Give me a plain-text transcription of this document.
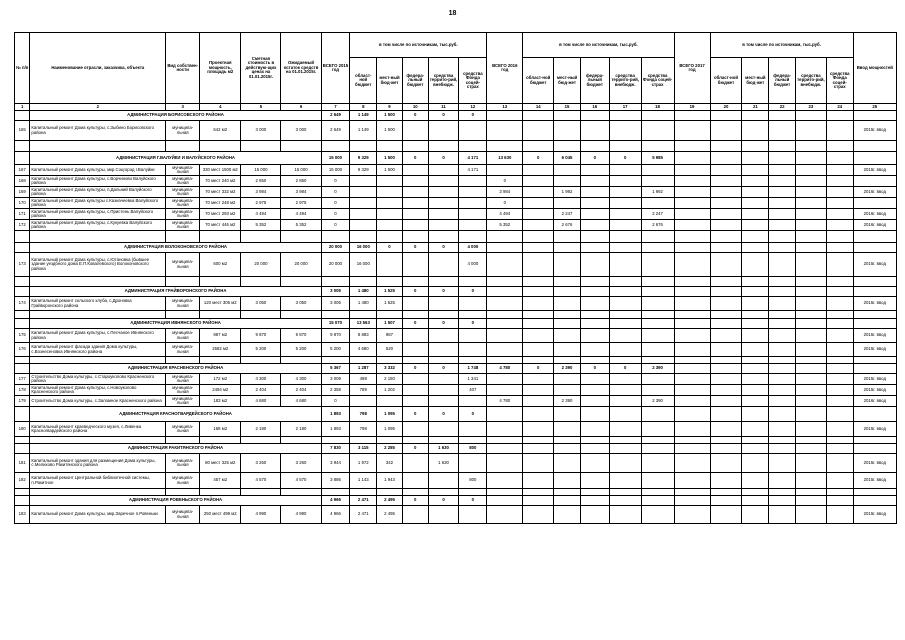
18
№ п/п	Наименование отрасли, заказчика, объекта	Вид собствен-ности	Проектная мощность, площадь м2	Сметная стоимость в действую-щих ценах на 01.01.2015г.	Ожидаемый остаток средств на 01.01.2015г.	ВСЕГО 2015 год	в том числе по источникам, тыс.руб.					ВСЕГО 2016 год	в том числе по источникам, тыс.руб.					ВСЕГО 2017 год	в том числе по источникам, тыс.руб.					Ввод мощностей
							област-ной бюджет	мест-ный бюд-жет	федера-льный бюджет	средства террито-рий, внебюдж.	средства Фонда соцей-страх		област-ной бюджет	мест-ный бюд-жет	федера-льный бюджет	средства террито-рий, внебюдж.	средства Фонда соцей-страх		област-ной бюджет	мест-ный бюд-жет	федера-льный бюджет	средства террито-рий, внебюдж.	средства Фонда соцей-страх	
1	2	3	4	5	6	7	8	9	10	11	12	13	14	15	16	17	18	19	20	21	22	23	24	25
	АДМИНИСТРАЦИЯ БОРИСОВСКОГО РАЙОНА					2 649	1 149	1 500	0	0	0													
165	Капитальный ремонт Дома культуры, с.Зыбино Борисовского района	муниципа-льная	642 м2	3 000	3 000	2 649	1 149	1 500																2015г. ввод

	АДМИНИСТРАЦИЯ Г.ВАЛУЙКИ И ВАЛУЙСКОГО РАЙОНА					15 000	9 329	1 500	0	0	4 171	13 630	0	6 045	0	0	5 985							
167	Капитальный ремонт Дома культуры, мкр.Соцгород г.Валуйки	муниципа-льная	330 мест 1500 м2	15 000	15 000	15 000	9 329	1 500			4 171													2015г. ввод
168	Капитальный ремонт Дома культуры, с.Ворчиново Валуйского района	муниципа-льная	70 мест 240 м2	2 850	2 850	0						0												
169	Капитальный ремонт Дома культуры, п.Дальний Валуйского района	муниципа-льная	70 мест 332 м2	3 984	3 984	0						3 984		1 992			1 992							2016г. ввод
170	Капитальный ремонт Дома культуры с.Казначеевка Валуйского района	муниципа-льная	70 мест 248 м2	2 975	2 975	0						0												
171	Капитальный ремонт Дома культуры, с.Пристень Валуйского района	муниципа-льная	70 мест 293 м2	4 494	4 494	0						4 494		2 247			2 247							2016г. ввод
172	Капитальный ремонт Дома культуры, с.Кукуевка Валуйского района	муниципа-льная	70 мест 446 м2	5 352	5 352	0						5 352		2 676			2 676							2016г. ввод

	АДМИНИСТРАЦИЯ ВОЛОКОНОВСКОГО РАЙОНА					20 000	16 000	0	0	0	4 000													
173	Капитальный ремонт Дома культуры, с.Ютановка (бывшее здание уездбного дома Е.П.Ковалевского) Волоконовского района	муниципа-льная	600 м2	20 000	20 000	20 000	16 000				4 000													2015г. ввод

	АДМИНИСТРАЦИЯ ГРАЙВОРОНСКОГО РАЙОНА					3 005	1 480	1 525	0	0	0													
174	Капитальный ремонт сельского клуба, с.Дроновка Грайворонского района	муниципа-льная	120 мест 305 м2	3 050	3 050	3 005	1 480	1 525																2015г. ввод

	АДМИНИСТРАЦИЯ ИВНЯНСКОГО РАЙОНА					15 070	13 563	1 507	0	0	0													
175	Капитальный ремонт Дома культуры, с.Песчаное Ивнянского района	муниципа-льная	987 м2	9 870	9 870	9 870	8 883	987																2015г. ввод
176	Капитальный ремонт фасада здания Дома культуры, с.Вознесеновка Ивнянского района	муниципа-льная	2582 м2	5 200	5 200	5 200	4 680	520																2015г. ввод

	АДМИНИСТРАЦИЯ КРАСНЕНСКОГО РАЙОНА					5 367	1 287	3 332	0	0	1 748	4 780	0	2 390	0	0	2 390							
177	Строительство Дома культуры, с.Староуколово Красненского района	муниципа-льная	172 м2	4 300	4 300	3 009	498	2 150			1 341													2015г. ввод
178	Капитальный ремонт Дома культуры, с.Новоуколово Красненского района	муниципа-льная	2494 м2	2 404	2 404	2 358	789	1 202			407													2015г. ввод
179	Строительство Дома культуры, с.Заломное Красненского района	муниципа-льная	183 м2	4 680	4 680	0						4 780		2 390			2 390							2016г. ввод
	АДМИНИСТРАЦИЯ КРАСНОГВАРДЕЙСКОГО РАЙОНА					1 893	798	1 095	0	0	0													
180	Капитальный ремонт краеведческого музея, с.Ливенка Красногвардейского района	муниципа-льная	168 м2	2 190	2 190	1 893	798	1 095																2015г. ввод

	АДМИНИСТРАЦИЯ РАКИТЯНСКОГО РАЙОНА					7 830	3 115	2 285	0	1 630	800													
181	Капитальный ремонт здания для размещения Дома культуры, с.Мелихово Ракитянского района	муниципа-льная	80 мест 325 м2	3 260	3 260	3 944	1 972	342		1 630														2015г. ввод
182	Капитальный ремонт Центральной библиотечной системы, п.Ракитное	муниципа-льная	457 м2	4 570	4 570	3 886	1 143	1 943			800													2015г. ввод

	АДМИНИСТРАЦИЯ РОВЕНЬСКОГО РАЙОНА					4 966	2 471	2 495	0	0	0													
183	Капитальный ремонт Дома культуры, мкр.Заречное п.Ровеньки	муниципа-льная	250 мест 499 м2	4 990	4 990	4 966	2 471	2 495																2015г. ввод
